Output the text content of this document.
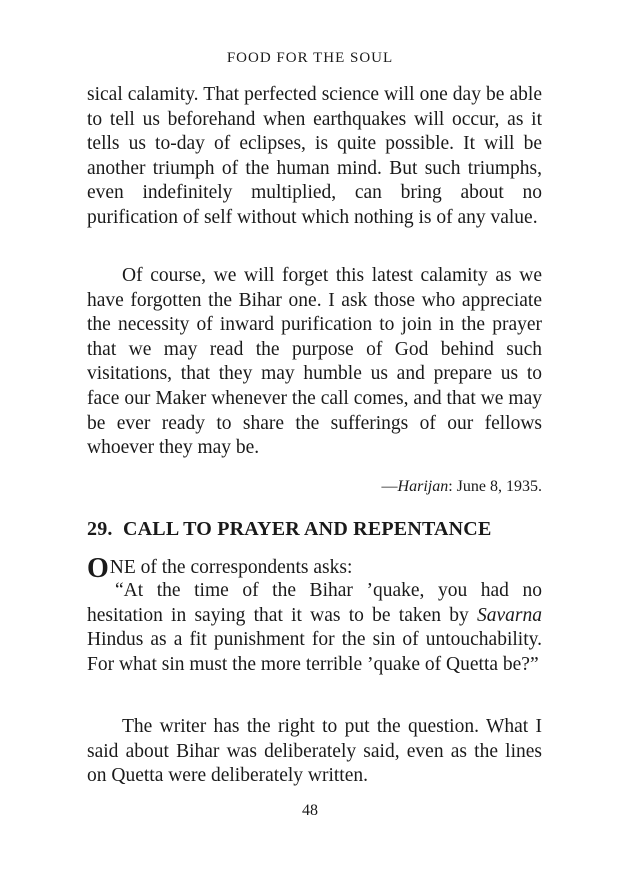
FOOD FOR THE SOUL

sical calamity. That perfected science will one day be able to tell us beforehand when earthquakes will occur, as it tells us to-day of eclipses, is quite possible. It will be another triumph of the human mind. But such triumphs, even indefinitely multiplied, can bring about no purification of self without which nothing is of any value.

Of course, we will forget this latest calamity as we have forgotten the Bihar one. I ask those who appreciate the necessity of inward purification to join in the prayer that we may read the purpose of God behind such visitations, that they may humble us and prepare us to face our Maker whenever the call comes, and that we may be ever ready to share the sufferings of our fellows whoever they may be.

—Harijan: June 8, 1935.
29. CALL TO PRAYER AND REPENTANCE
ONE of the correspondents asks:

“At the time of the Bihar ’quake, you had no hesitation in saying that it was to be taken by Savarna Hindus as a fit punishment for the sin of untouchability. For what sin must the more terrible ’quake of Quetta be?”

The writer has the right to put the question. What I said about Bihar was deliberately said, even as the lines on Quetta were deliberately written.

48
